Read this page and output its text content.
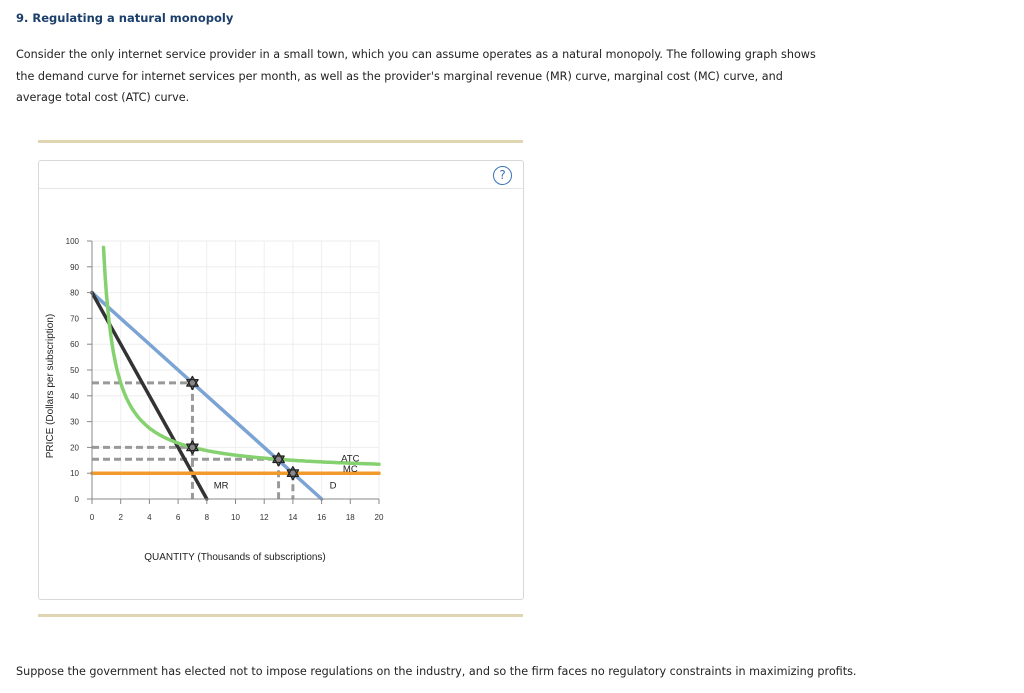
9. Regulating a natural monopoly
Consider the only internet service provider in a small town, which you can assume operates as a natural monopoly. The following graph shows the demand curve for internet services per month, as well as the provider's marginal revenue (MR) curve, marginal cost (MC) curve, and average total cost (ATC) curve.
?
0
10
20
30
40
50
60
70
80
90
100
0	2	4	6	8	10 12 14 16 18 20
MR	D
ATC
MC
QUANTITY (Thousands of subscriptions)
PRICE (Dollars per subscription)
Suppose the government has elected not to impose regulations on the industry, and so the firm faces no regulatory constraints in maximizing profits.
